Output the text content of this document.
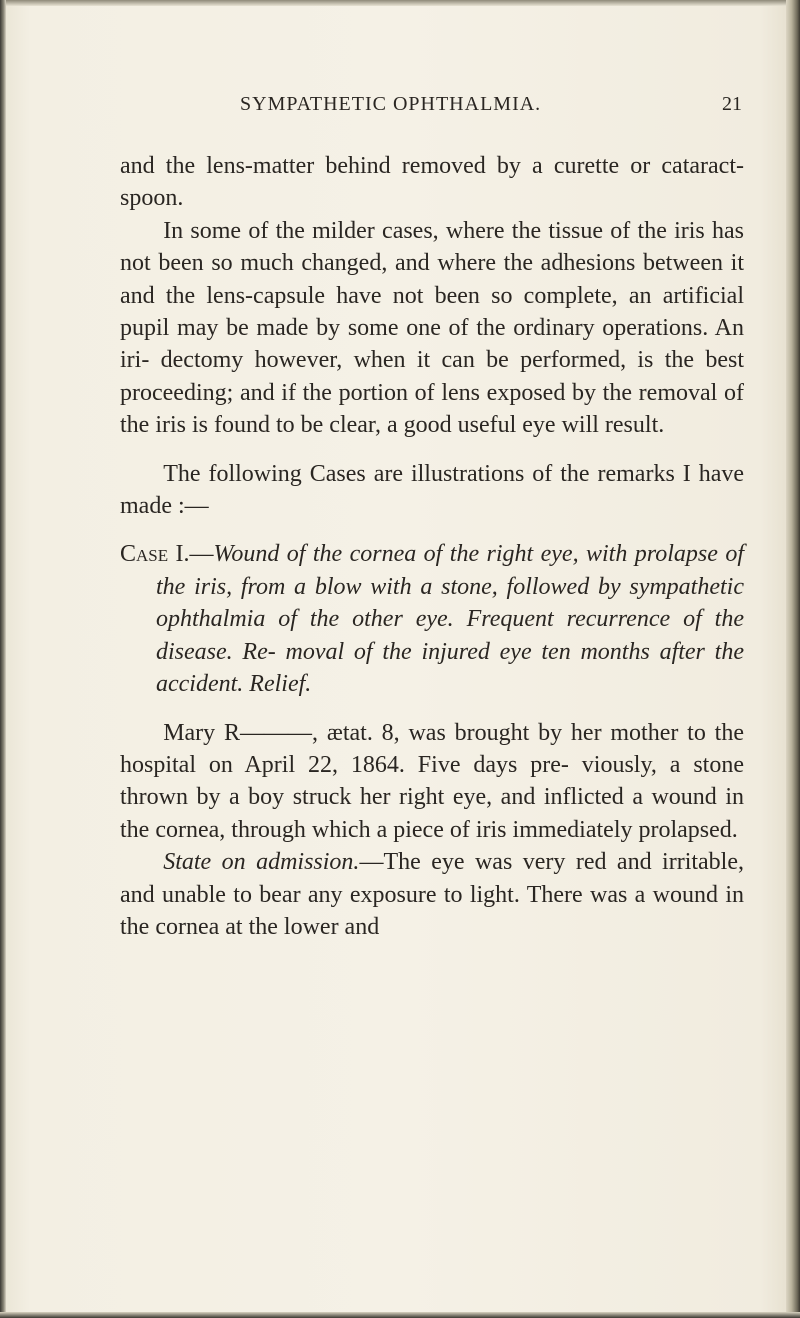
SYMPATHETIC OPHTHALMIA.	21

and the lens-matter behind removed by a curette or cataract-spoon.

In some of the milder cases, where the tissue of the iris has not been so much changed, and where the adhesions between it and the lens-capsule have not been so complete, an artificial pupil may be made by some one of the ordinary operations. An iri- dectomy however, when it can be performed, is the best proceeding; and if the portion of lens exposed by the removal of the iris is found to be clear, a good useful eye will result.

The following Cases are illustrations of the remarks I have made :—

Case I.—Wound of the cornea of the right eye, with prolapse of the iris, from a blow with a stone, followed by sympathetic ophthalmia of the other eye. Frequent recurrence of the disease. Re- moval of the injured eye ten months after the accident. Relief.

Mary R———, ætat. 8, was brought by her mother to the hospital on April 22, 1864. Five days pre- viously, a stone thrown by a boy struck her right eye, and inflicted a wound in the cornea, through which a piece of iris immediately prolapsed.

State on admission.—The eye was very red and irritable, and unable to bear any exposure to light. There was a wound in the cornea at the lower and
